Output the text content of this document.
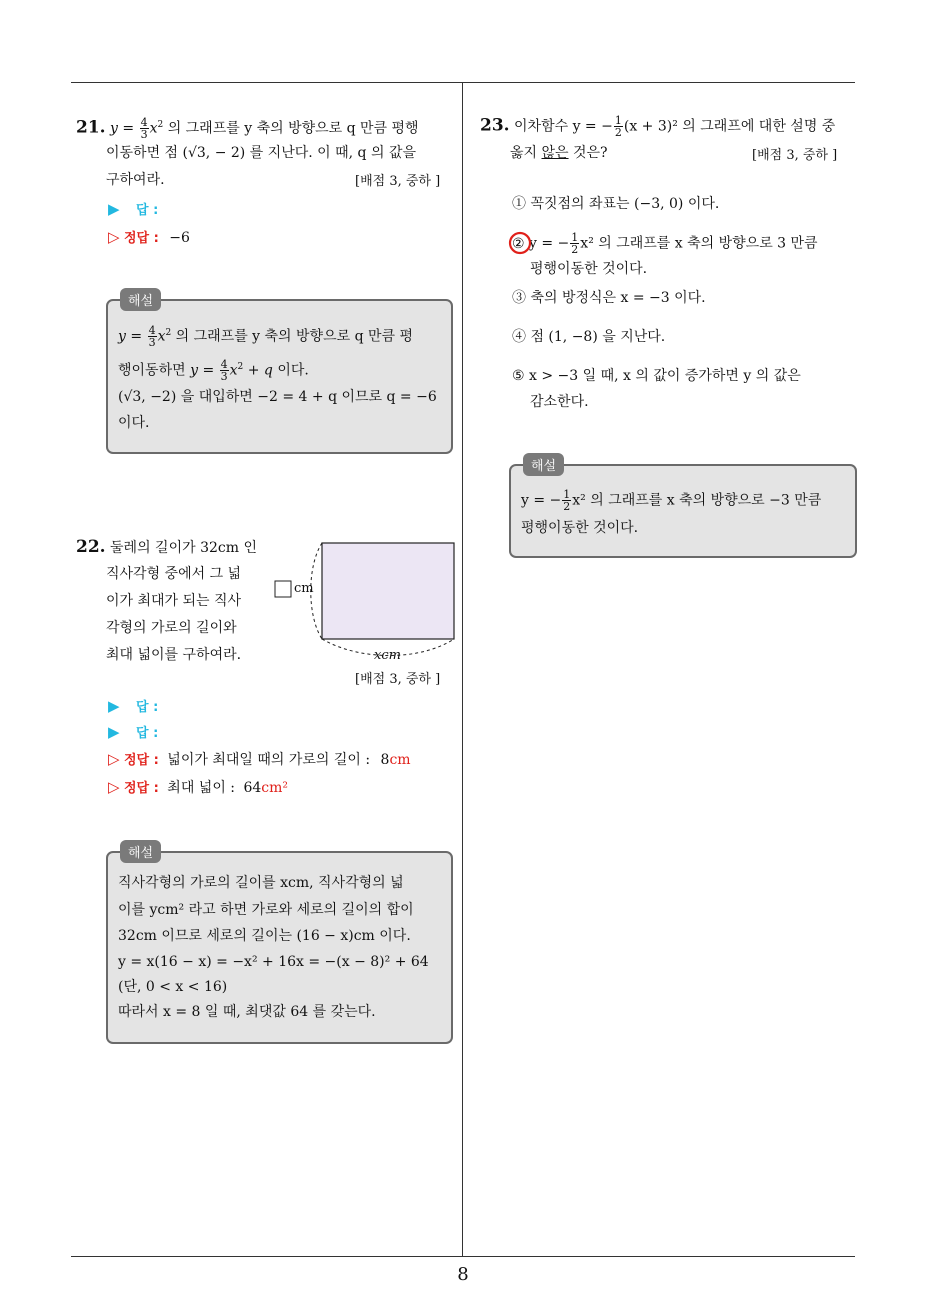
21. $y = \frac{4}{3} x^2$ 의 그래프를 y 축의 방향으로 q 만큼 평행
이동하면 점 (√3, − 2) 를 지난다. 이 때, q 의 값을
구하여라.	[배점 3, 중하 ]
▶ 답 :
▷ 정답 : −6
해설
$y = \frac{4}{3} x^2$ 의 그래프를 y 축의 방향으로 q 만큼 평
행이동하면 $y = \frac{4}{3} x^2 + q$ 이다.
(√3, −2) 을 대입하면 −2 = 4 + q 이므로 q = −6
이다.
22. 둘레의 길이가 32cm 인
직사각형 중에서 그 넓
이가 최대가 되는 직사
각형의 가로의 길이와
최대 넓이를 구하여라.
cm
xcm
[배점 3, 중하 ]
▶ 답 :
▶ 답 :
▷ 정답 : 넓이가 최대일 때의 가로의 길이 : 8cm
▷ 정답 : 최대 넓이 : 64cm²
해설
직사각형의 가로의 길이를 xcm, 직사각형의 넓
이를 ycm² 라고 하면 가로와 세로의 길이의 합이
32cm 이므로 세로의 길이는 (16 − x)cm 이다.
y = x(16 − x) = −x² + 16x = −(x − 8)² + 64
(단, 0 < x < 16)
따라서 x = 8 일 때, 최댓값 64 를 갖는다.
23. 이차함수 y = − $\frac{1}{2} (x + 3)^2$ 의 그래프에 대한 설명 중
옳지 않은 것은?	[배점 3, 중하 ]
① 꼭짓점의 좌표는 (−3, 0) 이다.
② y = − $\frac{1}{2} x^2$ 의 그래프를 x 축의 방향으로 3 만큼
평행이동한 것이다.
③ 축의 방정식은 x = −3 이다.
④ 점 (1, −8) 을 지난다.
⑤ x > −3 일 때, x 의 값이 증가하면 y 의 값은
감소한다.
해설
y = − $\frac{1}{2} x^2$ 의 그래프를 x 축의 방향으로 −3 만큼
평행이동한 것이다.
8
